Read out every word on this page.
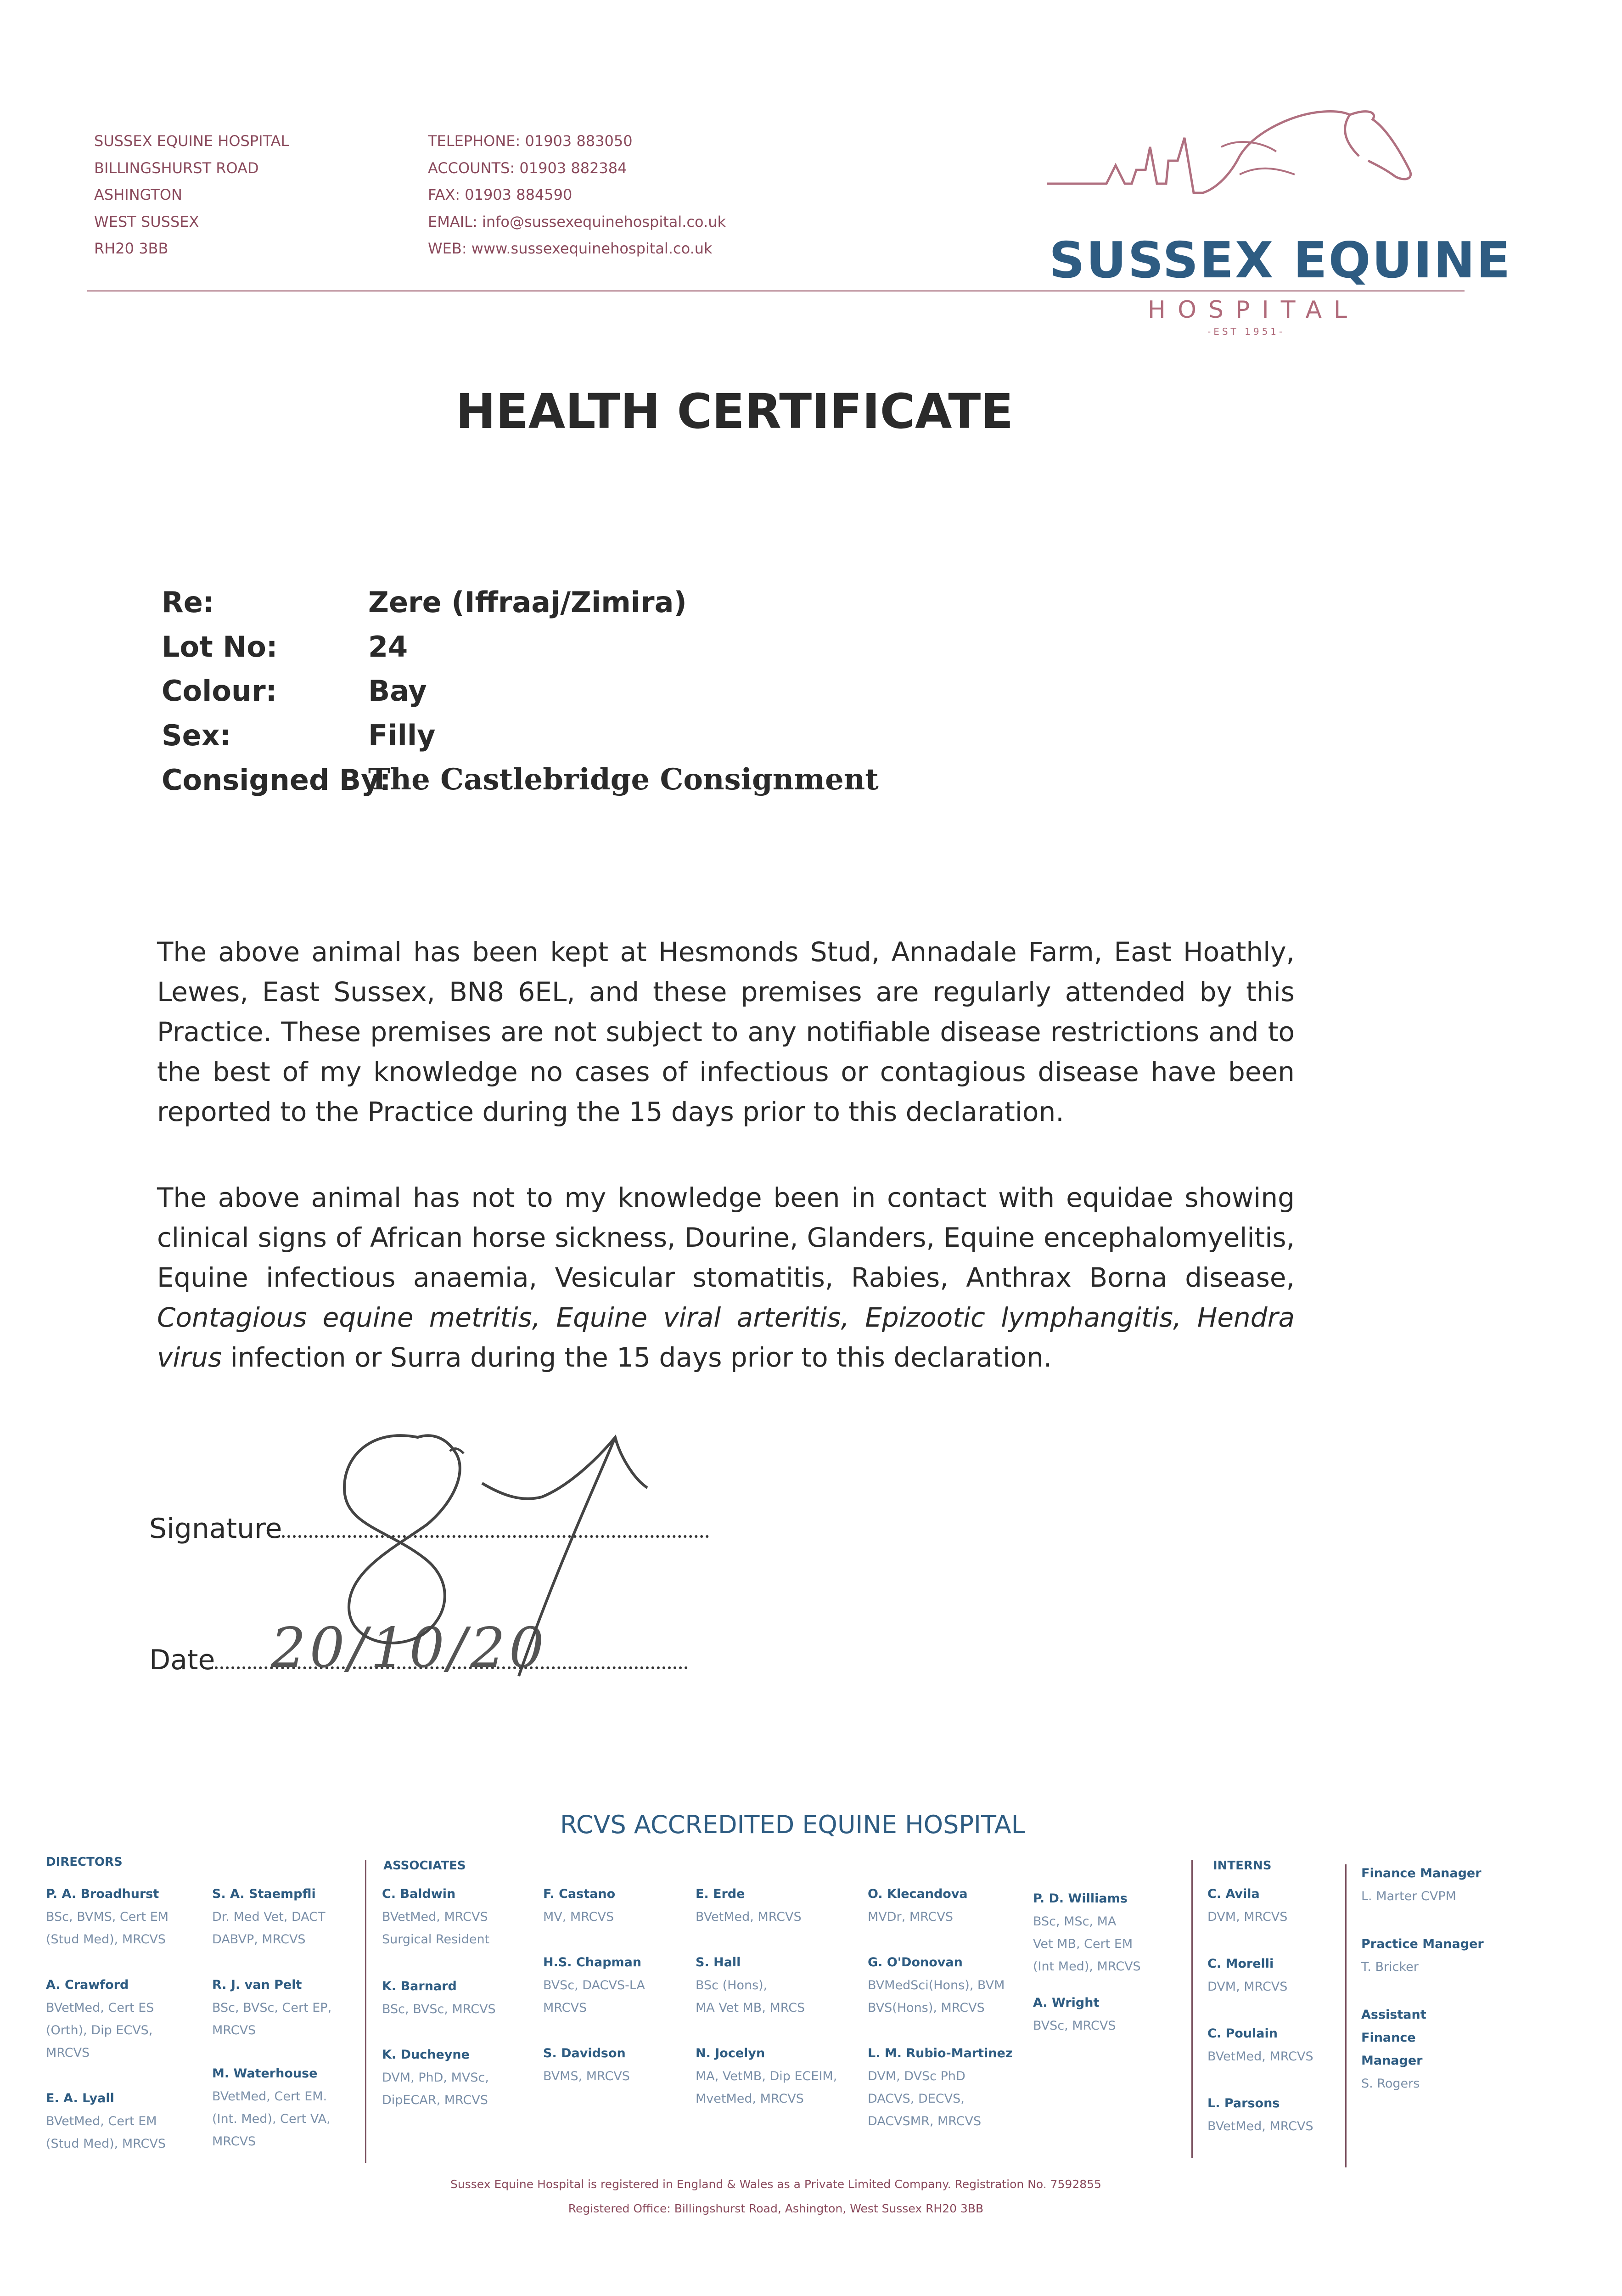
SUSSEX EQUINE HOSPITAL
BILLINGSHURST ROAD
ASHINGTON
WEST SUSSEX
RH20 3BB
TELEPHONE: 01903 883050
ACCOUNTS: 01903 882384
FAX: 01903 884590
EMAIL: info@sussexequinehospital.co.uk
WEB: www.sussexequinehospital.co.uk	SUSSEX EQUINE
HOSPITAL
-EST 1951-
HEALTH CERTIFICATE
Re:	Zere (Iffraaj/Zimira)
Lot No:	24
Colour:	Bay
Sex:	Filly
Consigned By:
The Castlebridge Consignment
The above animal has been kept at Hesmonds Stud, Annadale Farm, East Hoathly, Lewes, East Sussex, BN8 6EL, and these premises are regularly attended by this Practice. These premises are not subject to any notifiable disease restrictions and to the best of my knowledge no cases of infectious or contagious disease have been reported to the Practice during the 15 days prior to this declaration.
The above animal has not to my knowledge been in contact with equidae showing clinical signs of African horse sickness, Dourine, Glanders, Equine encephalomyelitis, Equine infectious anaemia, Vesicular stomatitis, Rabies, Anthrax Borna disease, Contagious equine metritis, Equine viral arteritis, Epizootic lymphangitis, Hendra virus infection or Surra during the 15 days prior to this declaration.
Signature
Date	20/10/20
RCVS ACCREDITED EQUINE HOSPITAL
DIRECTORS
P. A. Broadhurst
BSc, BVMS, Cert EM
(Stud Med), MRCVS
A. Crawford
BVetMed, Cert ES
(Orth), Dip ECVS,
MRCVS
E. A. Lyall
BVetMed, Cert EM
(Stud Med), MRCVS
S. A. Staempfli
Dr. Med Vet, DACT
DABVP, MRCVS
R. J. van Pelt
BSc, BVSc, Cert EP,
MRCVS
M. Waterhouse
BVetMed, Cert EM.
(Int. Med), Cert VA,
MRCVS
ASSOCIATES
C. Baldwin
BVetMed, MRCVS
Surgical Resident
K. Barnard
BSc, BVSc, MRCVS
K. Ducheyne
DVM, PhD, MVSc,
DipECAR, MRCVS
F. Castano
MV, MRCVS
H.S. Chapman
BVSc, DACVS-LA
MRCVS
S. Davidson
BVMS, MRCVS
E. Erde
BVetMed, MRCVS
S. Hall
BSc (Hons),
MA Vet MB, MRCS
N. Jocelyn
MA, VetMB, Dip ECEIM,
MvetMed, MRCVS
O. Klecandova
MVDr, MRCVS
G. O'Donovan
BVMedSci(Hons), BVM
BVS(Hons), MRCVS
L. M. Rubio-Martinez
DVM, DVSc PhD
DACVS, DECVS,
DACVSMR, MRCVS
P. D. Williams
BSc, MSc, MA
Vet MB, Cert EM
(Int Med), MRCVS
A. Wright
BVSc, MRCVS
INTERNS
C. Avila
DVM, MRCVS
C. Morelli
DVM, MRCVS
C. Poulain
BVetMed, MRCVS
L. Parsons
BVetMed, MRCVS
Finance Manager
L. Marter CVPM
Practice Manager
T. Bricker
Assistant Finance Manager
S. Rogers
Sussex Equine Hospital is registered in England & Wales as a Private Limited Company. Registration No. 7592855
Registered Office: Billingshurst Road, Ashington, West Sussex RH20 3BB
